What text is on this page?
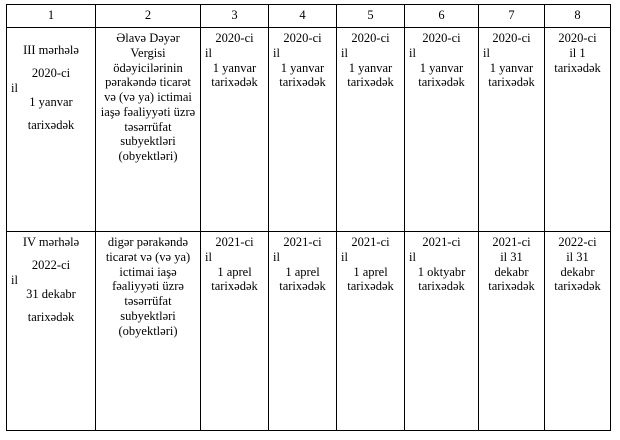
1	2	3	4	5	6	7	8

III mərhələ
2020-ci
il
1 yanvar
tarixədək	Əlavə Dəyər Vergisi ödəyicilərinin pərakəndə ticarət və (və ya) ictimai iaşə fəaliyyəti üzrə təsərrüfat subyektləri (obyektləri)	2020-ci
il
1 yanvar
tarixədək	2020-ci
il
1 yanvar
tarixədək	2020-ci
il
1 yanvar
tarixədək	2020-ci
il
1 yanvar
tarixədək	2020-ci
il
1 yanvar
tarixədək	2020-ci
il 1
tarixədək

IV mərhələ
2022-ci
il
31 dekabr
tarixədək	digər pərakəndə ticarət və (və ya) ictimai iaşə fəaliyyəti üzrə təsərrüfat subyektləri (obyektləri)	2021-ci
il
1 aprel
tarixədək	2021-ci
il
1 aprel
tarixədək	2021-ci
il
1 aprel
tarixədək	2021-ci
il
1 oktyabr
tarixədək	2021-ci
il 31
dekabr
tarixədək	2022-ci
il 31
dekabr
tarixədək
